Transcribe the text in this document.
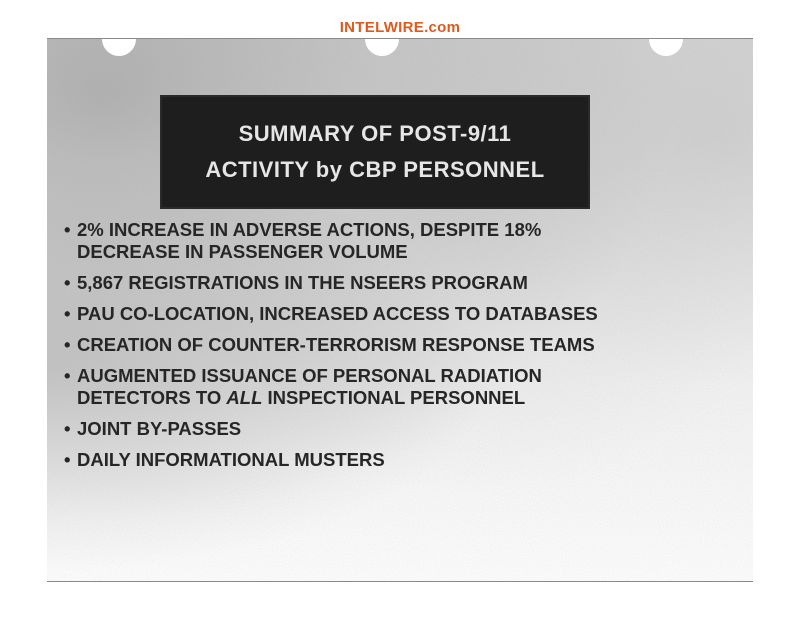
INTELWIRE.com
SUMMARY OF POST-9/11
ACTIVITY by CBP PERSONNEL
• 2% INCREASE IN ADVERSE ACTIONS, DESPITE 18%
DECREASE IN PASSENGER VOLUME
• 5,867 REGISTRATIONS IN THE NSEERS PROGRAM
• PAU CO-LOCATION, INCREASED ACCESS TO DATABASES
• CREATION OF COUNTER-TERRORISM RESPONSE TEAMS
• AUGMENTED ISSUANCE OF PERSONAL RADIATION
DETECTORS TO ALL INSPECTIONAL PERSONNEL
• JOINT BY-PASSES
• DAILY INFORMATIONAL MUSTERS
